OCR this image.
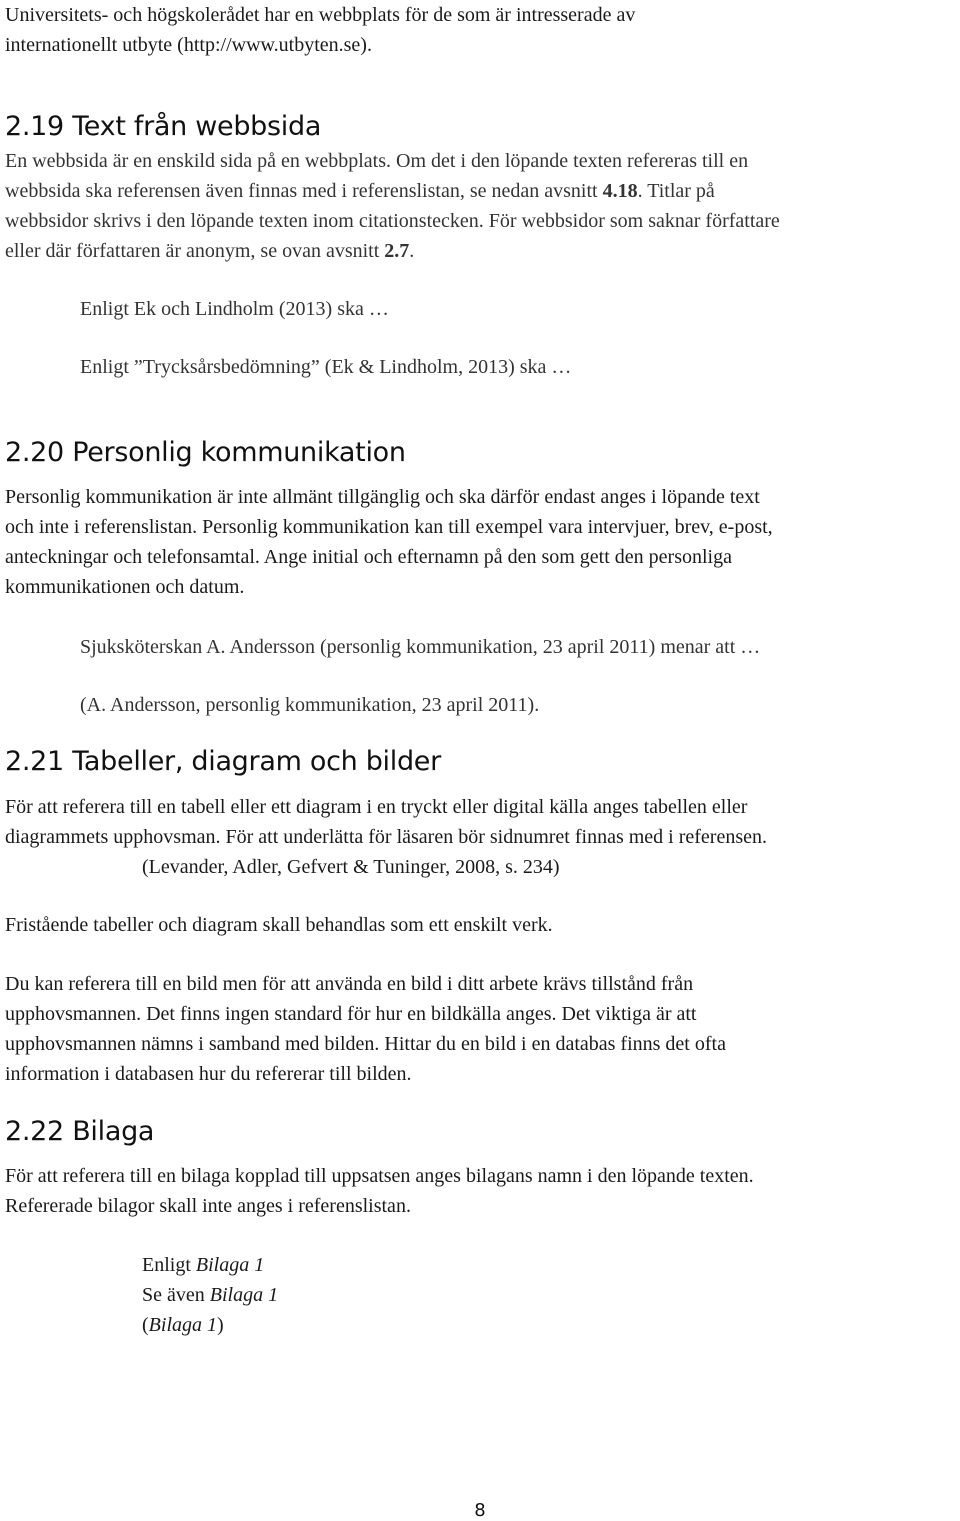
Universitets- och högskolerådet har en webbplats för de som är intresserade av
internationellt utbyte (http://www.utbyten.se).
2.19 Text från webbsida
En webbsida är en enskild sida på en webbplats. Om det i den löpande texten refereras till en
webbsida ska referensen även finnas med i referenslistan, se nedan avsnitt 4.18. Titlar på
webbsidor skrivs i den löpande texten inom citationstecken. För webbsidor som saknar författare
eller där författaren är anonym, se ovan avsnitt 2.7.
Enligt Ek och Lindholm (2013) ska …
Enligt ”Trycksårsbedömning” (Ek & Lindholm, 2013) ska …
2.20 Personlig kommunikation
Personlig kommunikation är inte allmänt tillgänglig och ska därför endast anges i löpande text
och inte i referenslistan. Personlig kommunikation kan till exempel vara intervjuer, brev, e-post,
anteckningar och telefonsamtal. Ange initial och efternamn på den som gett den personliga
kommunikationen och datum.
Sjuksköterskan A. Andersson (personlig kommunikation, 23 april 2011) menar att …
(A. Andersson, personlig kommunikation, 23 april 2011).
2.21 Tabeller, diagram och bilder
För att referera till en tabell eller ett diagram i en tryckt eller digital källa anges tabellen eller
diagrammets upphovsman. För att underlätta för läsaren bör sidnumret finnas med i referensen.
(Levander, Adler, Gefvert & Tuninger, 2008, s. 234)
Fristående tabeller och diagram skall behandlas som ett enskilt verk.
Du kan referera till en bild men för att använda en bild i ditt arbete krävs tillstånd från
upphovsmannen. Det finns ingen standard för hur en bildkälla anges. Det viktiga är att
upphovsmannen nämns i samband med bilden. Hittar du en bild i en databas finns det ofta
information i databasen hur du refererar till bilden.
2.22 Bilaga
För att referera till en bilaga kopplad till uppsatsen anges bilagans namn i den löpande texten.
Refererade bilagor skall inte anges i referenslistan.
Enligt Bilaga 1
Se även Bilaga 1
(Bilaga 1)
8
